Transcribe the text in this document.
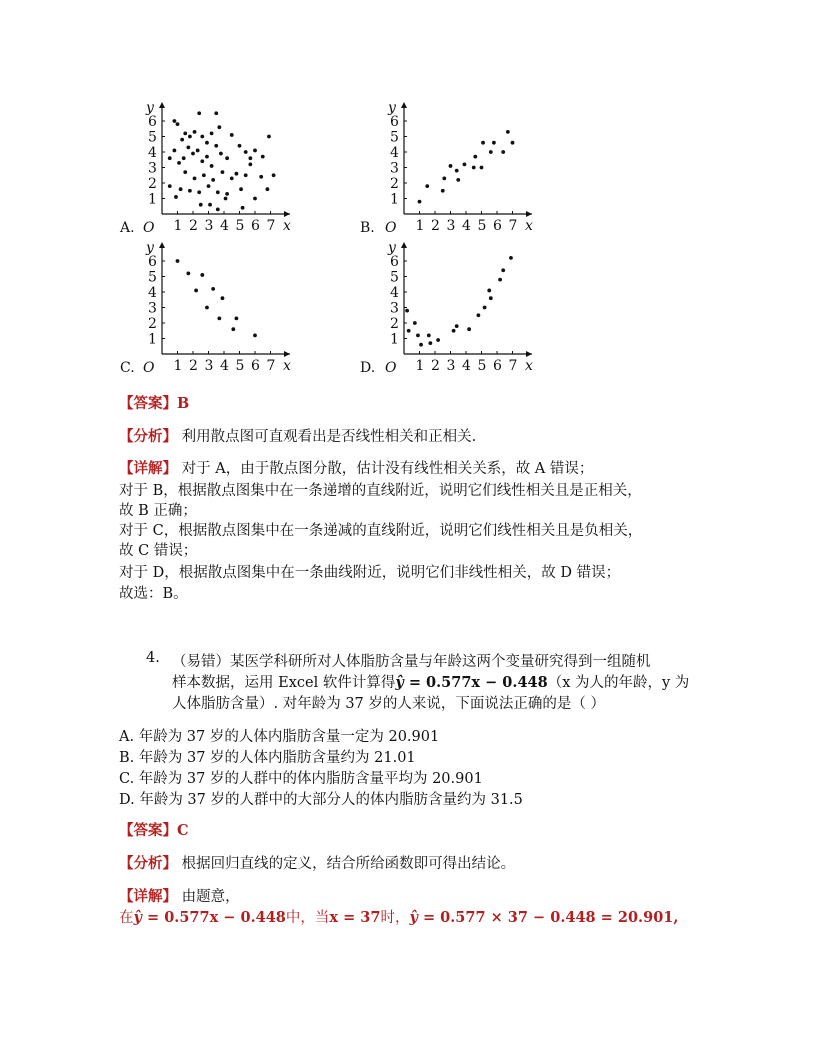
O	x
y
1 2 3 4 5 6 7
1
2
3
4
5
6
A.	O	x
y
1 2 3 4 5 6 7
1
2
3
4
5
6
B.
O	x
y
1 2 3 4 5 6 7
1
2
3
4
5
6
C.	O	x
y
1 2 3 4 5 6 7
1
2
3
4
5
6
D.
【答案】B
【分析】 利用散点图可直观看出是否线性相关和正相关.
【详解】 对于 A，由于散点图分散，估计没有线性相关关系，故 A 错误；
对于 B，根据散点图集中在一条递增的直线附近，说明它们线性相关且是正相关，
故 B 正确；
对于 C，根据散点图集中在一条递减的直线附近，说明它们线性相关且是负相关，
故 C 错误；
对于 D，根据散点图集中在一条曲线附近，说明它们非线性相关，故 D 错误；
故选：B。
4. （易错）某医学科研所对人体脂肪含量与年龄这两个变量研究得到一组随机
样本数据，运用 Excel 软件计算得ŷ = 0.577x − 0.448（x 为人的年龄，y 为
人体脂肪含量）. 对年龄为 37 岁的人来说，下面说法正确的是（ ）
A. 年龄为 37 岁的人体内脂肪含量一定为 20.901
B. 年龄为 37 岁的人体内脂肪含量约为 21.01
C. 年龄为 37 岁的人群中的体内脂肪含量平均为 20.901
D. 年龄为 37 岁的人群中的大部分人的体内脂肪含量约为 31.5
【答案】C
【分析】 根据回归直线的定义，结合所给函数即可得出结论。
【详解】 由题意，
在ŷ = 0.577x − 0.448中，当x = 37时，ŷ = 0.577 × 37 − 0.448 = 20.901,
